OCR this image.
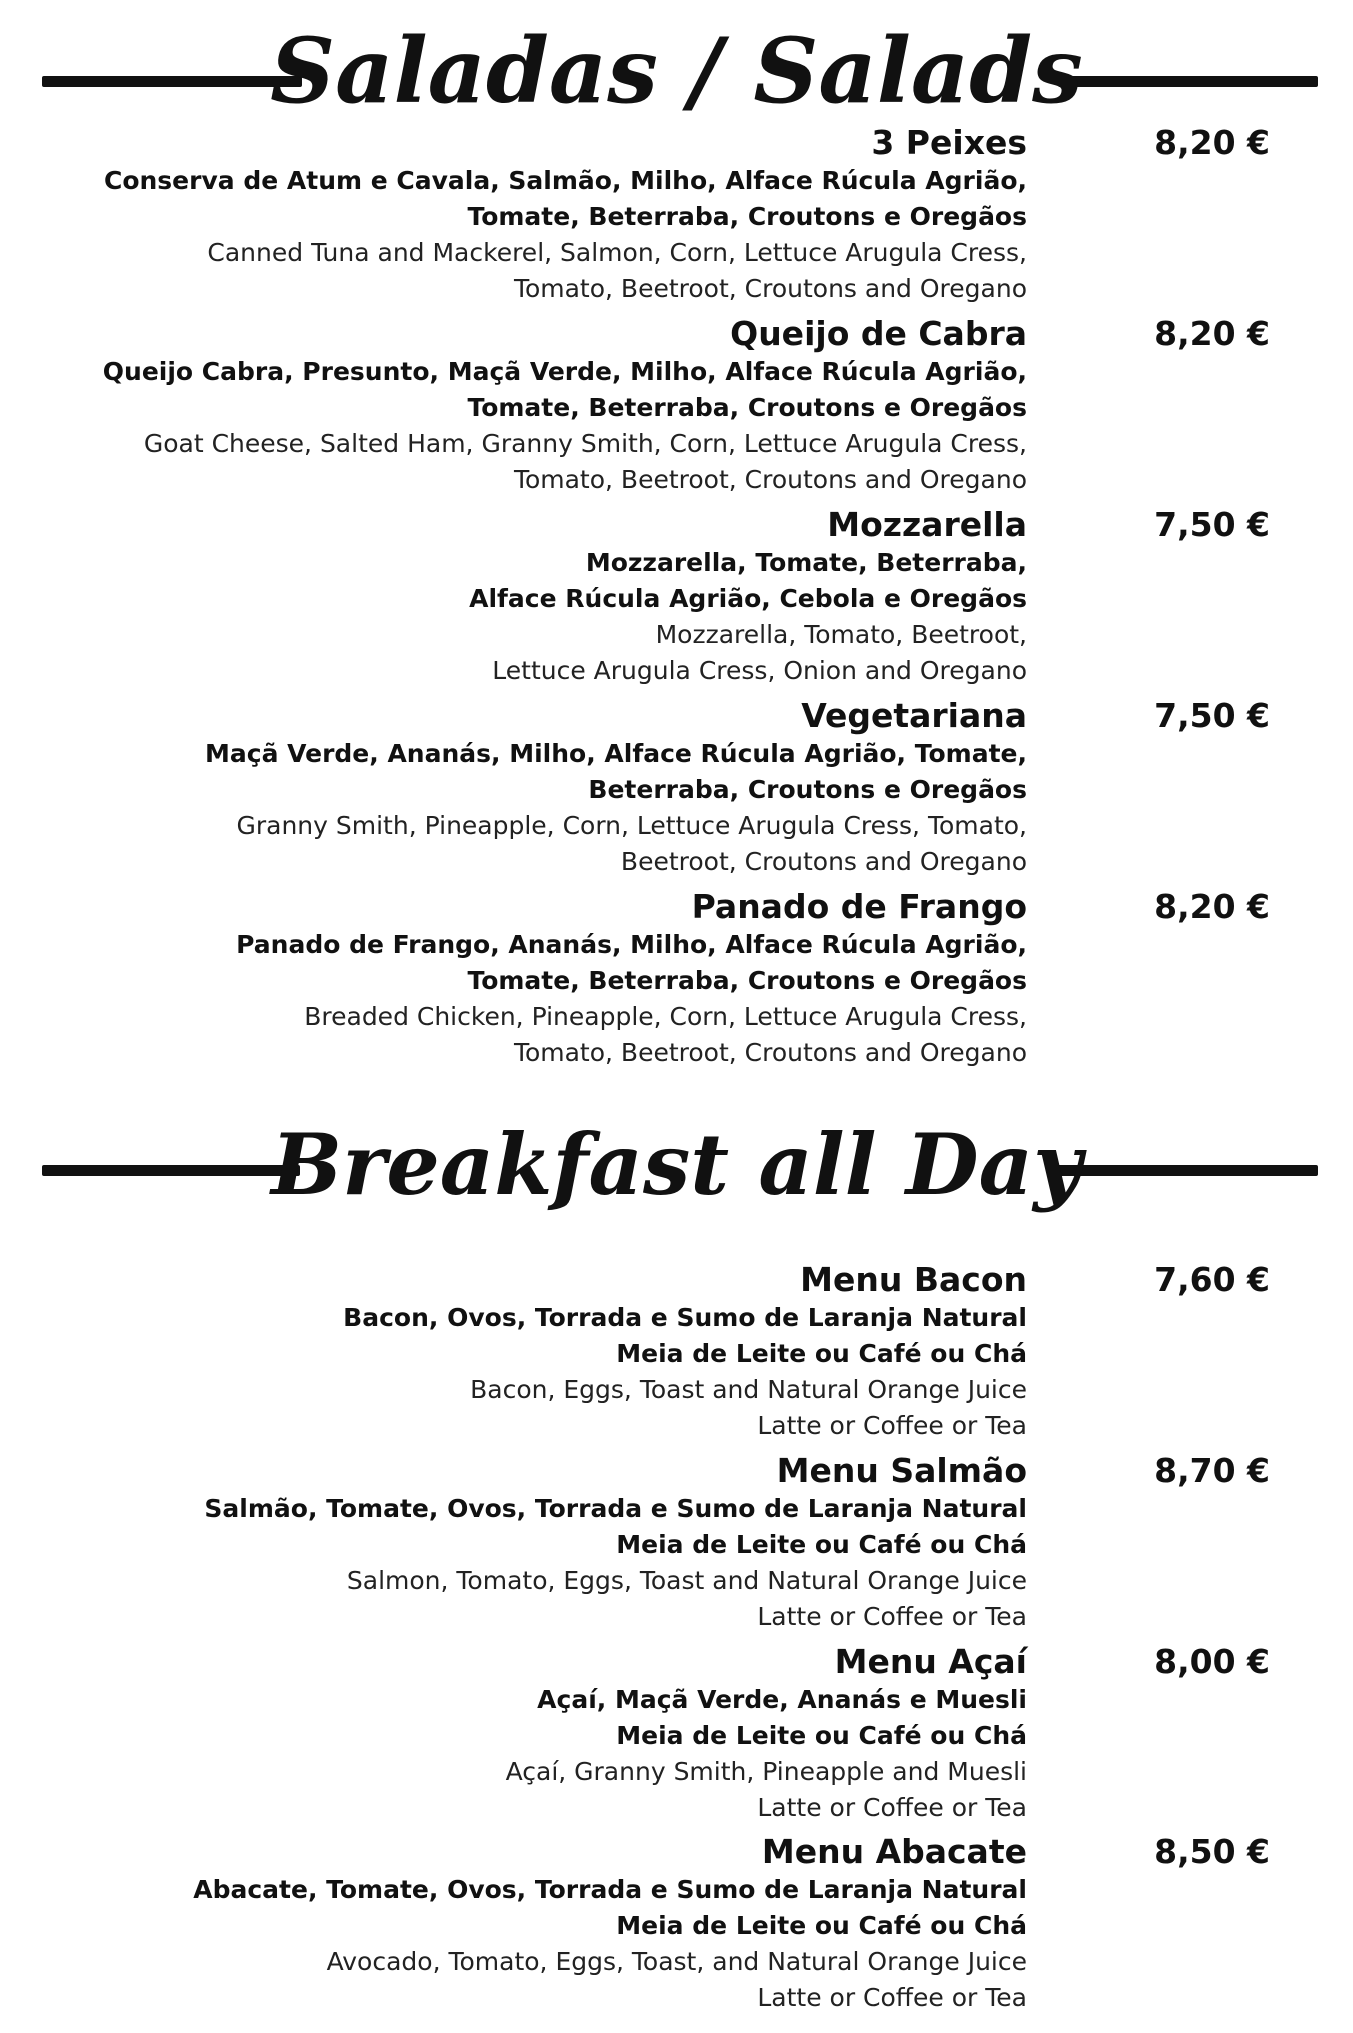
Saladas / Salads
3 Peixes	8,20 €
Conserva de Atum e Cavala, Salmão, Milho, Alface Rúcula Agrião,
Tomate, Beterraba, Croutons e Oregãos
Canned Tuna and Mackerel, Salmon, Corn, Lettuce Arugula Cress,
Tomato, Beetroot, Croutons and Oregano
Queijo de Cabra	8,20 €
Queijo Cabra, Presunto, Maçã Verde, Milho, Alface Rúcula Agrião,
Tomate, Beterraba, Croutons e Oregãos
Goat Cheese, Salted Ham, Granny Smith, Corn, Lettuce Arugula Cress,
Tomato, Beetroot, Croutons and Oregano
Mozzarella	7,50 €
Mozzarella, Tomate, Beterraba,
Alface Rúcula Agrião, Cebola e Oregãos
Mozzarella, Tomato, Beetroot,
Lettuce Arugula Cress, Onion and Oregano
Vegetariana	7,50 €
Maçã Verde, Ananás, Milho, Alface Rúcula Agrião, Tomate,
Beterraba, Croutons e Oregãos
Granny Smith, Pineapple, Corn, Lettuce Arugula Cress, Tomato,
Beetroot, Croutons and Oregano
Panado de Frango	8,20 €
Panado de Frango, Ananás, Milho, Alface Rúcula Agrião,
Tomate, Beterraba, Croutons e Oregãos
Breaded Chicken, Pineapple, Corn, Lettuce Arugula Cress,
Tomato, Beetroot, Croutons and Oregano
Breakfast all Day
Menu Bacon	7,60 €
Bacon, Ovos, Torrada e Sumo de Laranja Natural
Meia de Leite ou Café ou Chá
Bacon, Eggs, Toast and Natural Orange Juice
Latte or Coffee or Tea
Menu Salmão	8,70 €
Salmão, Tomate, Ovos, Torrada e Sumo de Laranja Natural
Meia de Leite ou Café ou Chá
Salmon, Tomato, Eggs, Toast and Natural Orange Juice
Latte or Coffee or Tea
Menu Açaí	8,00 €
Açaí, Maçã Verde, Ananás e Muesli
Meia de Leite ou Café ou Chá
Açaí, Granny Smith, Pineapple and Muesli
Latte or Coffee or Tea
Menu Abacate	8,50 €
Abacate, Tomate, Ovos, Torrada e Sumo de Laranja Natural
Meia de Leite ou Café ou Chá
Avocado, Tomato, Eggs, Toast, and Natural Orange Juice
Latte or Coffee or Tea
